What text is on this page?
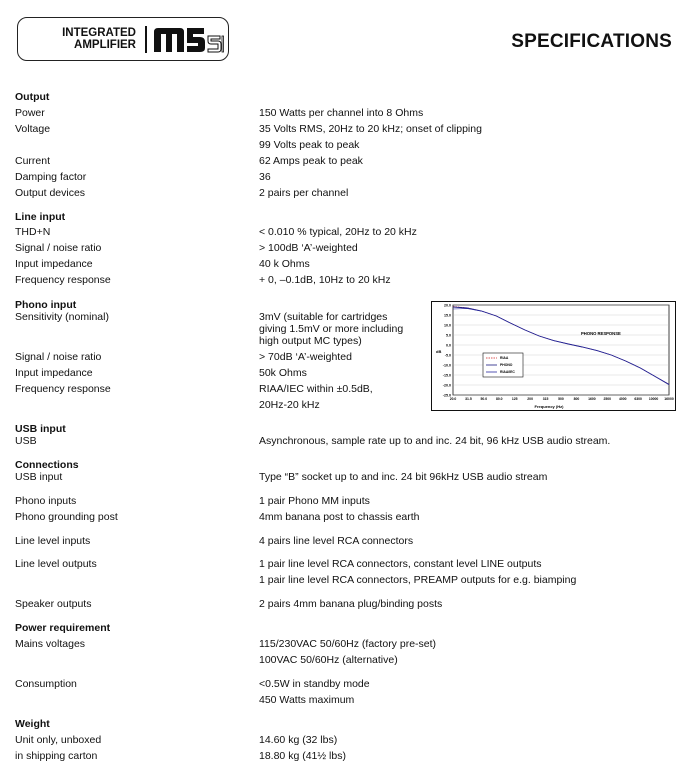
INTEGRATED
AMPLIFIER	SPECIFICATIONS
Output
Power	150 Watts per channel into 8 Ohms
Voltage	35 Volts RMS, 20Hz to 20 kHz; onset of clipping
99 Volts peak to peak
Current	62 Amps peak to peak
Damping factor	36
Output devices	2 pairs per channel
Line input
THD+N	< 0.010 % typical, 20Hz to 20 kHz
Signal / noise ratio	> 100dB ‘A’-weighted
Input impedance	40 k Ohms
Frequency response	+ 0, –0.1dB, 10Hz to 20 kHz
Phono input
Sensitivity (nominal)	3mV (suitable for cartridges
giving 1.5mV or more including
high output MC types)
Signal / noise ratio	> 70dB ‘A’-weighted
Input impedance	50k Ohms
Frequency response	RIAA/IEC within ±0.5dB,
20Hz-20 kHz
20.0
15.0
10.0
5.0
0.0
-5.0
-10.0
-15.0
-20.0
-25.0
20.0	31.5	50.0	80.0	125	200	315	500	800	1600 2500 4000 6300 10000 16000
PHONO RESPONSE
dB
Frequency (Hz)
RIAA
PHONO
RIAA/IEC
USB input
USB	Asynchronous, sample rate up to and inc. 24 bit, 96 kHz USB audio stream.
Connections
USB input	Type “B” socket up to and inc. 24 bit 96kHz USB audio stream
Phono inputs	1 pair Phono MM inputs
Phono grounding post	4mm banana post to chassis earth
Line level inputs	4 pairs line level RCA connectors
Line level outputs	1 pair line level RCA connectors, constant level LINE outputs
1 pair line level RCA connectors, PREAMP outputs for e.g. biamping
Speaker outputs	2 pairs 4mm banana plug/binding posts
Power requirement
Mains voltages	115/230VAC 50/60Hz (factory pre-set)
100VAC 50/60Hz (alternative)
Consumption	<0.5W in standby mode
450 Watts maximum
Weight
Unit only, unboxed	14.60 kg (32 lbs)
in shipping carton	18.80 kg (41½ lbs)
